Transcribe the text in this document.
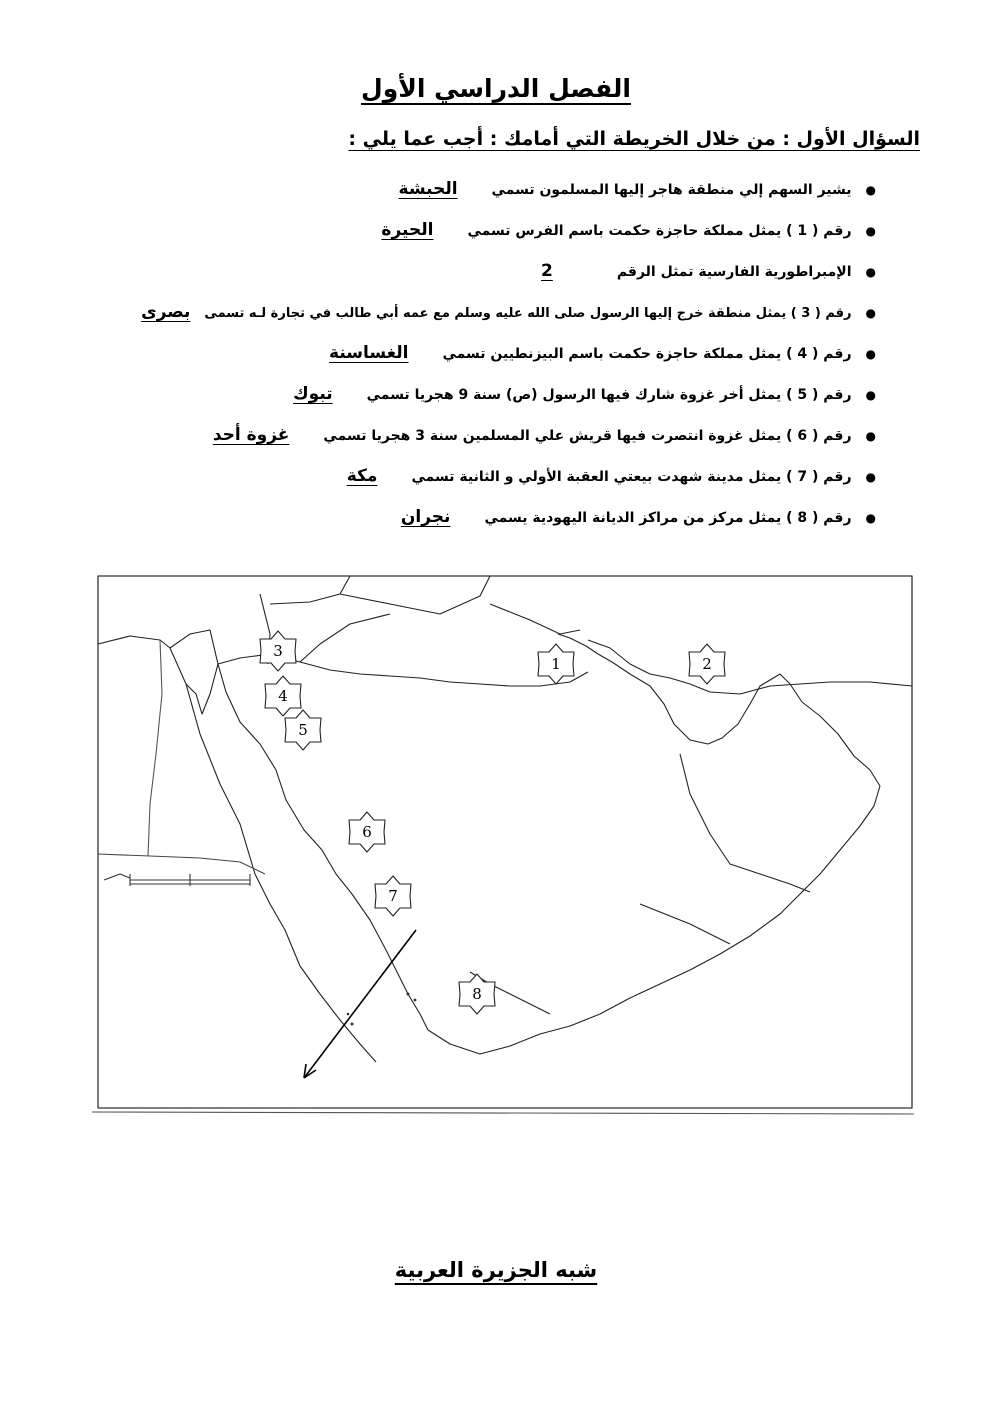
الفصل الدراسي الأول
السؤال الأول : من خلال الخريطة التي أمامك : أجب عما يلي :
●
يشير السهم إلي منطقة هاجر إليها المسلمون تسمي
الحبشة
●
رقم ( 1 ) يمثل مملكة حاجزة حكمت باسم الفرس تسمي
الحيرة
●
الإمبراطورية الفارسية تمثل الرقم
2
●
رقم ( 3 ) يمثل منطقة خرج إليها الرسول صلى الله عليه وسلم مع عمه أبي طالب في تجارة لـه تسمى
بصرى
●
رقم ( 4 ) يمثل مملكة حاجزة حكمت باسم البيزنطيين تسمي
الغساسنة
●
رقم ( 5 ) يمثل أخر غزوة شارك فيها الرسول (ص) سنة 9 هجريا تسمي
تبوك
●
رقم ( 6 ) يمثل غزوة انتصرت فيها قريش علي المسلمين سنة 3 هجريا تسمي
غزوة أحد
●
رقم ( 7 ) يمثل مدينة شهدت بيعتي العقبة الأولي و الثانية تسمي
مكة
●
رقم ( 8 ) يمثل مركز من مراكز الديانة اليهودية يسمي
نجران
3
4
5
6
7
8
1	2
شبه الجزيرة العربية
